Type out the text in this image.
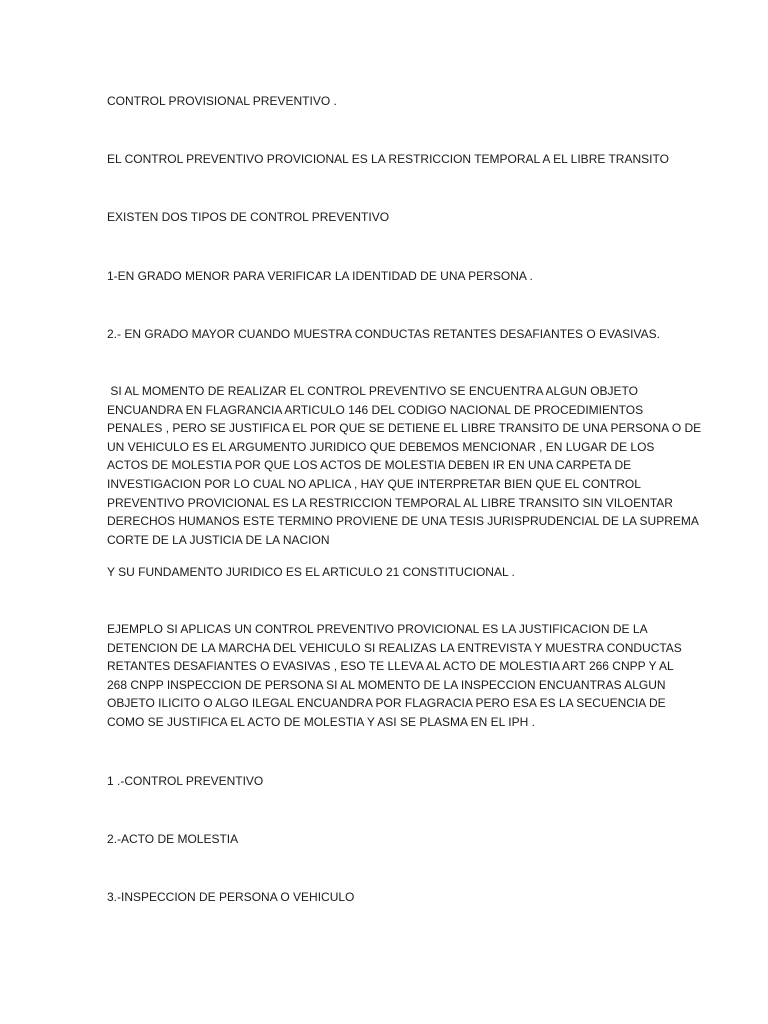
CONTROL PROVISIONAL PREVENTIVO .

EL CONTROL PREVENTIVO PROVICIONAL ES LA RESTRICCION TEMPORAL A EL LIBRE TRANSITO

EXISTEN DOS TIPOS DE CONTROL PREVENTIVO

1-EN GRADO MENOR PARA VERIFICAR LA IDENTIDAD DE UNA PERSONA .

2.- EN GRADO MAYOR CUANDO MUESTRA CONDUCTAS RETANTES DESAFIANTES O EVASIVAS.

SI AL MOMENTO DE REALIZAR EL CONTROL PREVENTIVO SE ENCUENTRA ALGUN OBJETO
ENCUANDRA EN FLAGRANCIA ARTICULO 146 DEL CODIGO NACIONAL DE PROCEDIMIENTOS
PENALES , PERO SE JUSTIFICA EL POR QUE SE DETIENE EL LIBRE TRANSITO DE UNA PERSONA O DE
UN VEHICULO ES EL ARGUMENTO JURIDICO QUE DEBEMOS MENCIONAR , EN LUGAR DE LOS
ACTOS DE MOLESTIA POR QUE LOS ACTOS DE MOLESTIA DEBEN IR EN UNA CARPETA DE
INVESTIGACION POR LO CUAL NO APLICA , HAY QUE INTERPRETAR BIEN QUE EL CONTROL
PREVENTIVO PROVICIONAL ES LA RESTRICCION TEMPORAL AL LIBRE TRANSITO SIN VILOENTAR
DERECHOS HUMANOS ESTE TERMINO PROVIENE DE UNA TESIS JURISPRUDENCIAL DE LA SUPREMA
CORTE DE LA JUSTICIA DE LA NACION

Y SU FUNDAMENTO JURIDICO ES EL ARTICULO 21 CONSTITUCIONAL .

EJEMPLO SI APLICAS UN CONTROL PREVENTIVO PROVICIONAL ES LA JUSTIFICACION DE LA
DETENCION DE LA MARCHA DEL VEHICULO SI REALIZAS LA ENTREVISTA Y MUESTRA CONDUCTAS
RETANTES DESAFIANTES O EVASIVAS , ESO TE LLEVA AL ACTO DE MOLESTIA ART 266 CNPP Y AL
268 CNPP INSPECCION DE PERSONA SI AL MOMENTO DE LA INSPECCION ENCUANTRAS ALGUN
OBJETO ILICITO O ALGO ILEGAL ENCUANDRA POR FLAGRACIA PERO ESA ES LA SECUENCIA DE
COMO SE JUSTIFICA EL ACTO DE MOLESTIA Y ASI SE PLASMA EN EL IPH .

1 .-CONTROL PREVENTIVO

2.-ACTO DE MOLESTIA

3.-INSPECCION DE PERSONA O VEHICULO
